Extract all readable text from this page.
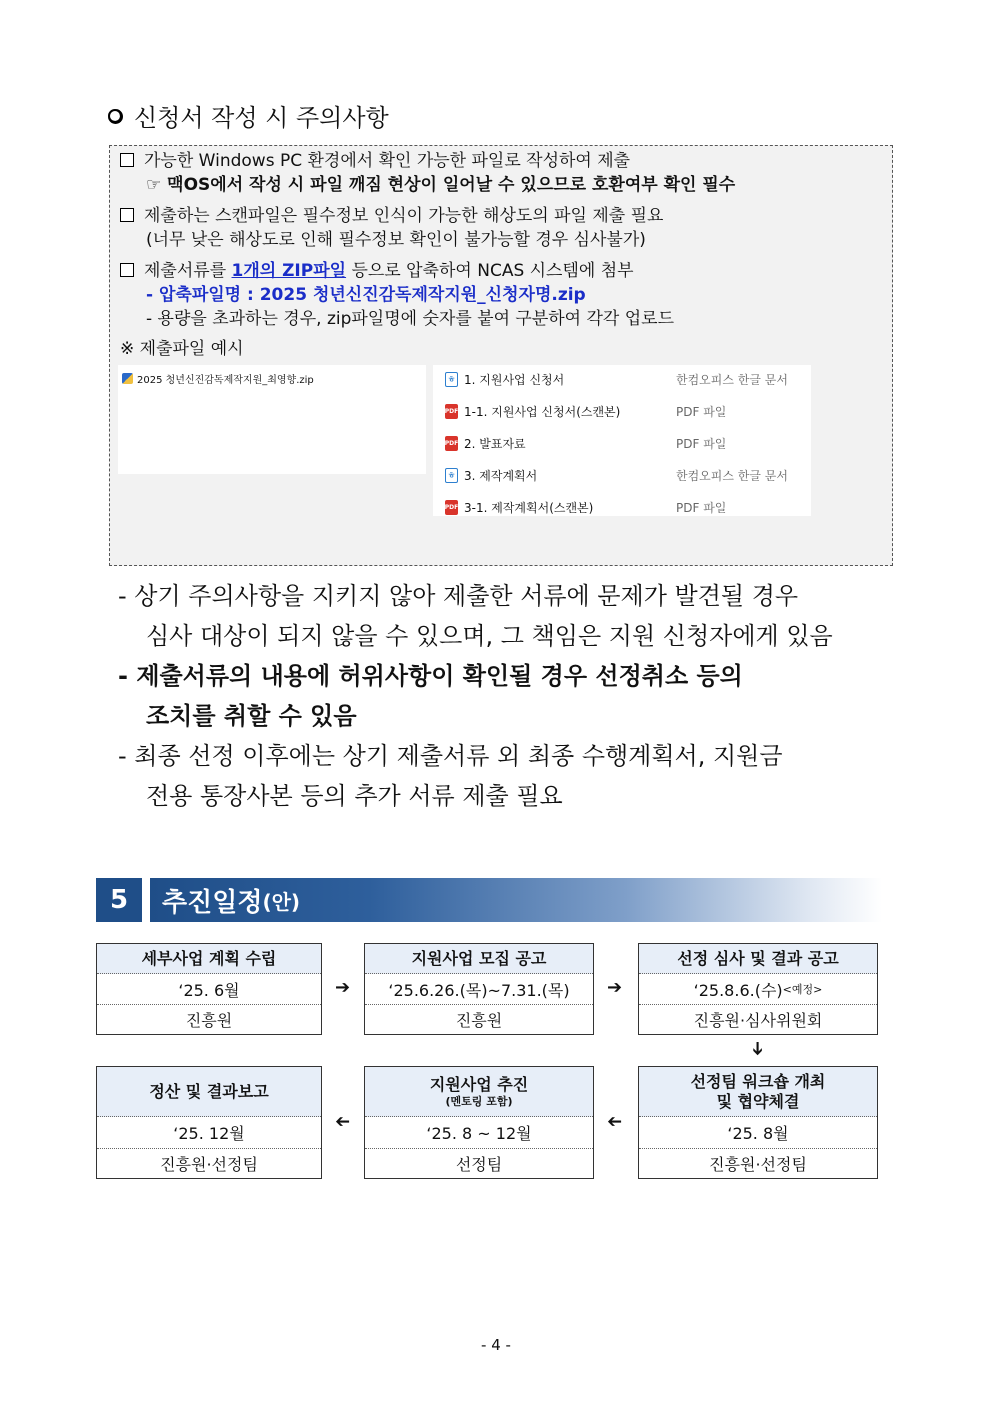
신청서 작성 시 주의사항
가능한 Windows PC 환경에서 확인 가능한 파일로 작성하여 제출
☞ 맥OS에서 작성 시 파일 깨짐 현상이 일어날 수 있으므로 호환여부 확인 필수
제출하는 스캔파일은 필수정보 인식이 가능한 해상도의 파일 제출 필요
(너무 낮은 해상도로 인해 필수정보 확인이 불가능할 경우 심사불가)
제출서류를 1개의 ZIP파일 등으로 압축하여 NCAS 시스템에 첨부
- 압축파일명 : 2025 청년신진감독제작지원_신청자명.zip
- 용량을 초과하는 경우, zip파일명에 숫자를 붙여 구분하여 각각 업로드
※ 제출파일 예시
2025 청년신진감독제작지원_최영향.zip	ㅎ 1. 지원사업 신청서	한컴오피스 한글 문서
PDF 1-1. 지원사업 신청서(스캔본)	PDF 파일
PDF 2. 발표자료	PDF 파일
ㅎ 3. 제작계획서	한컴오피스 한글 문서
PDF 3-1. 제작계획서(스캔본)	PDF 파일
- 상기 주의사항을 지키지 않아 제출한 서류에 문제가 발견될 경우
심사 대상이 되지 않을 수 있으며, 그 책임은 지원 신청자에게 있음
- 제출서류의 내용에 허위사항이 확인될 경우 선정취소 등의
조치를 취할 수 있음
- 최종 선정 이후에는 상기 제출서류 외 최종 수행계획서, 지원금
전용 통장사본 등의 추가 서류 제출 필요
5	추진일정 (안)
세부사업 계획 수립
‘25. 6월
진흥원
➔
지원사업 모집 공고
‘25.6.26.(목)~7.31.(목)
진흥원
➔
선정 심사 및 결과 공고
‘25.8.6.(수) <예정>
진흥원·심사위원회
➔
선정팀 워크숍 개최
및 협약체결
‘25. 8월
진흥원·선정팀
➔
지원사업 추진
(멘토링 포함)
‘25. 8 ~ 12월
선정팀
➔
정산 및 결과보고
‘25. 12월
진흥원·선정팀
- 4 -
